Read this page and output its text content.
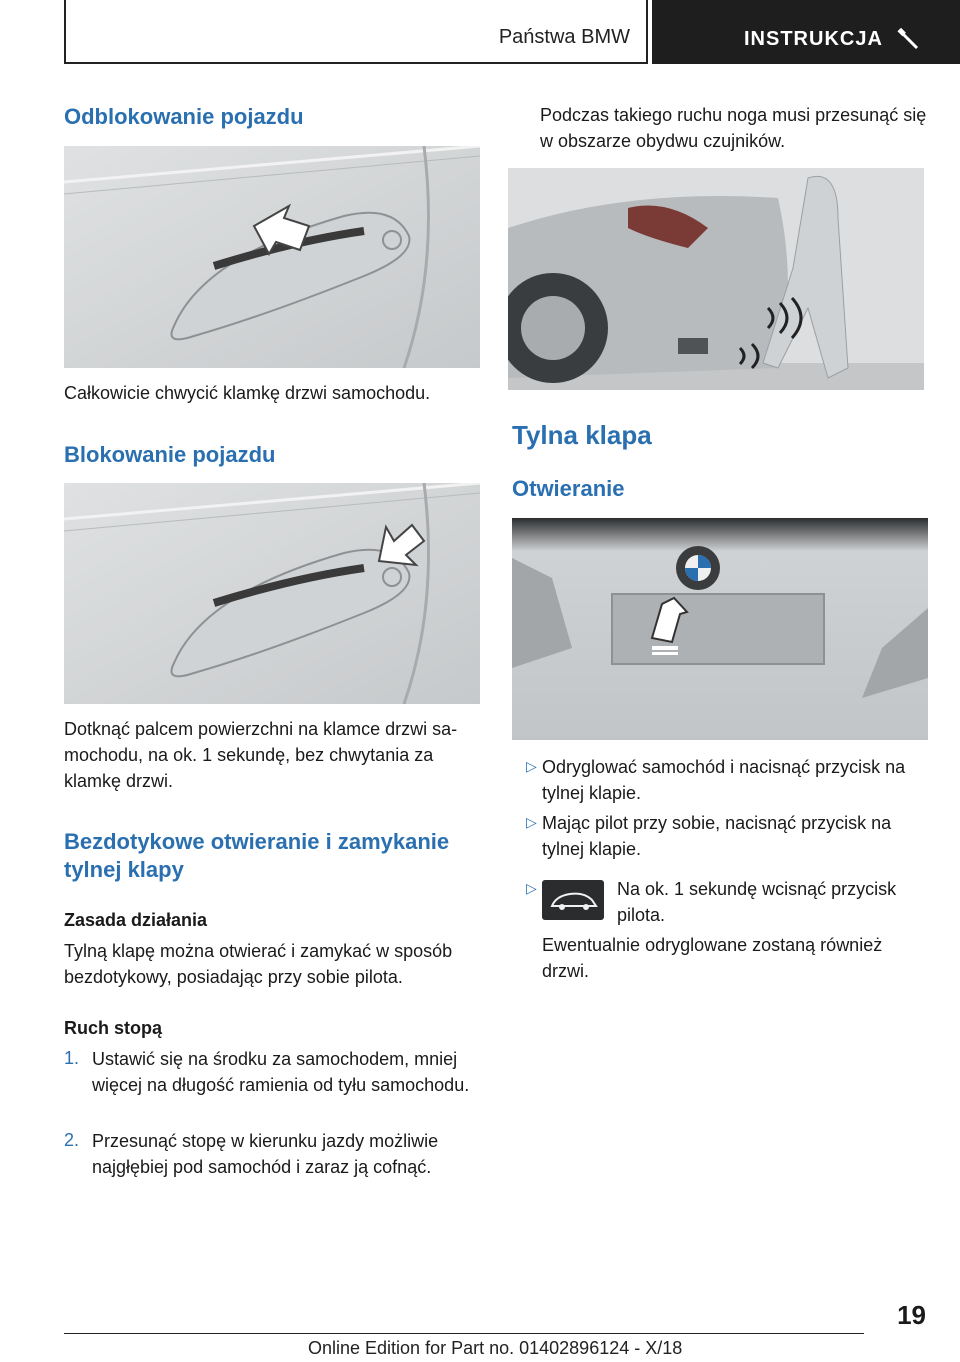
Państwa BMW	INSTRUKCJA
Odblokowanie pojazdu

Całkowicie chwycić klamkę drzwi samochodu.

Blokowanie pojazdu

Dotknąć palcem powierzchni na klamce drzwi samochodu, na ok. 1 sekundę, bez chwytania za klamkę drzwi.

Bezdotykowe otwieranie i zamykanie tylnej klapy
Zasada działania

Tylną klapę można otwierać i zamykać w sposób bezdotykowy, posiadając przy sobie pilota.

Ruch stopą
1. Ustawić się na środku za samochodem, mniej więcej na długość ramienia od tyłu samochodu.

2. Przesunąć stopę w kierunku jazdy możliwie najgłębiej pod samochód i zaraz ją cofnąć.

Podczas takiego ruchu noga musi przesunąć się w obszarze obydwu czujników.

Tylna klapa
Otwieranie
▷ Odryglować samochód i nacisnąć przycisk na tylnej klapie.

▷ Mając pilot przy sobie, nacisnąć przycisk na tylnej klapie.

▷	Na ok. 1 sekundę wcisnąć przycisk pilota.

Ewentualnie odryglowane zostaną również drzwi.

19
Online Edition for Part no. 01402896124 - X/18
